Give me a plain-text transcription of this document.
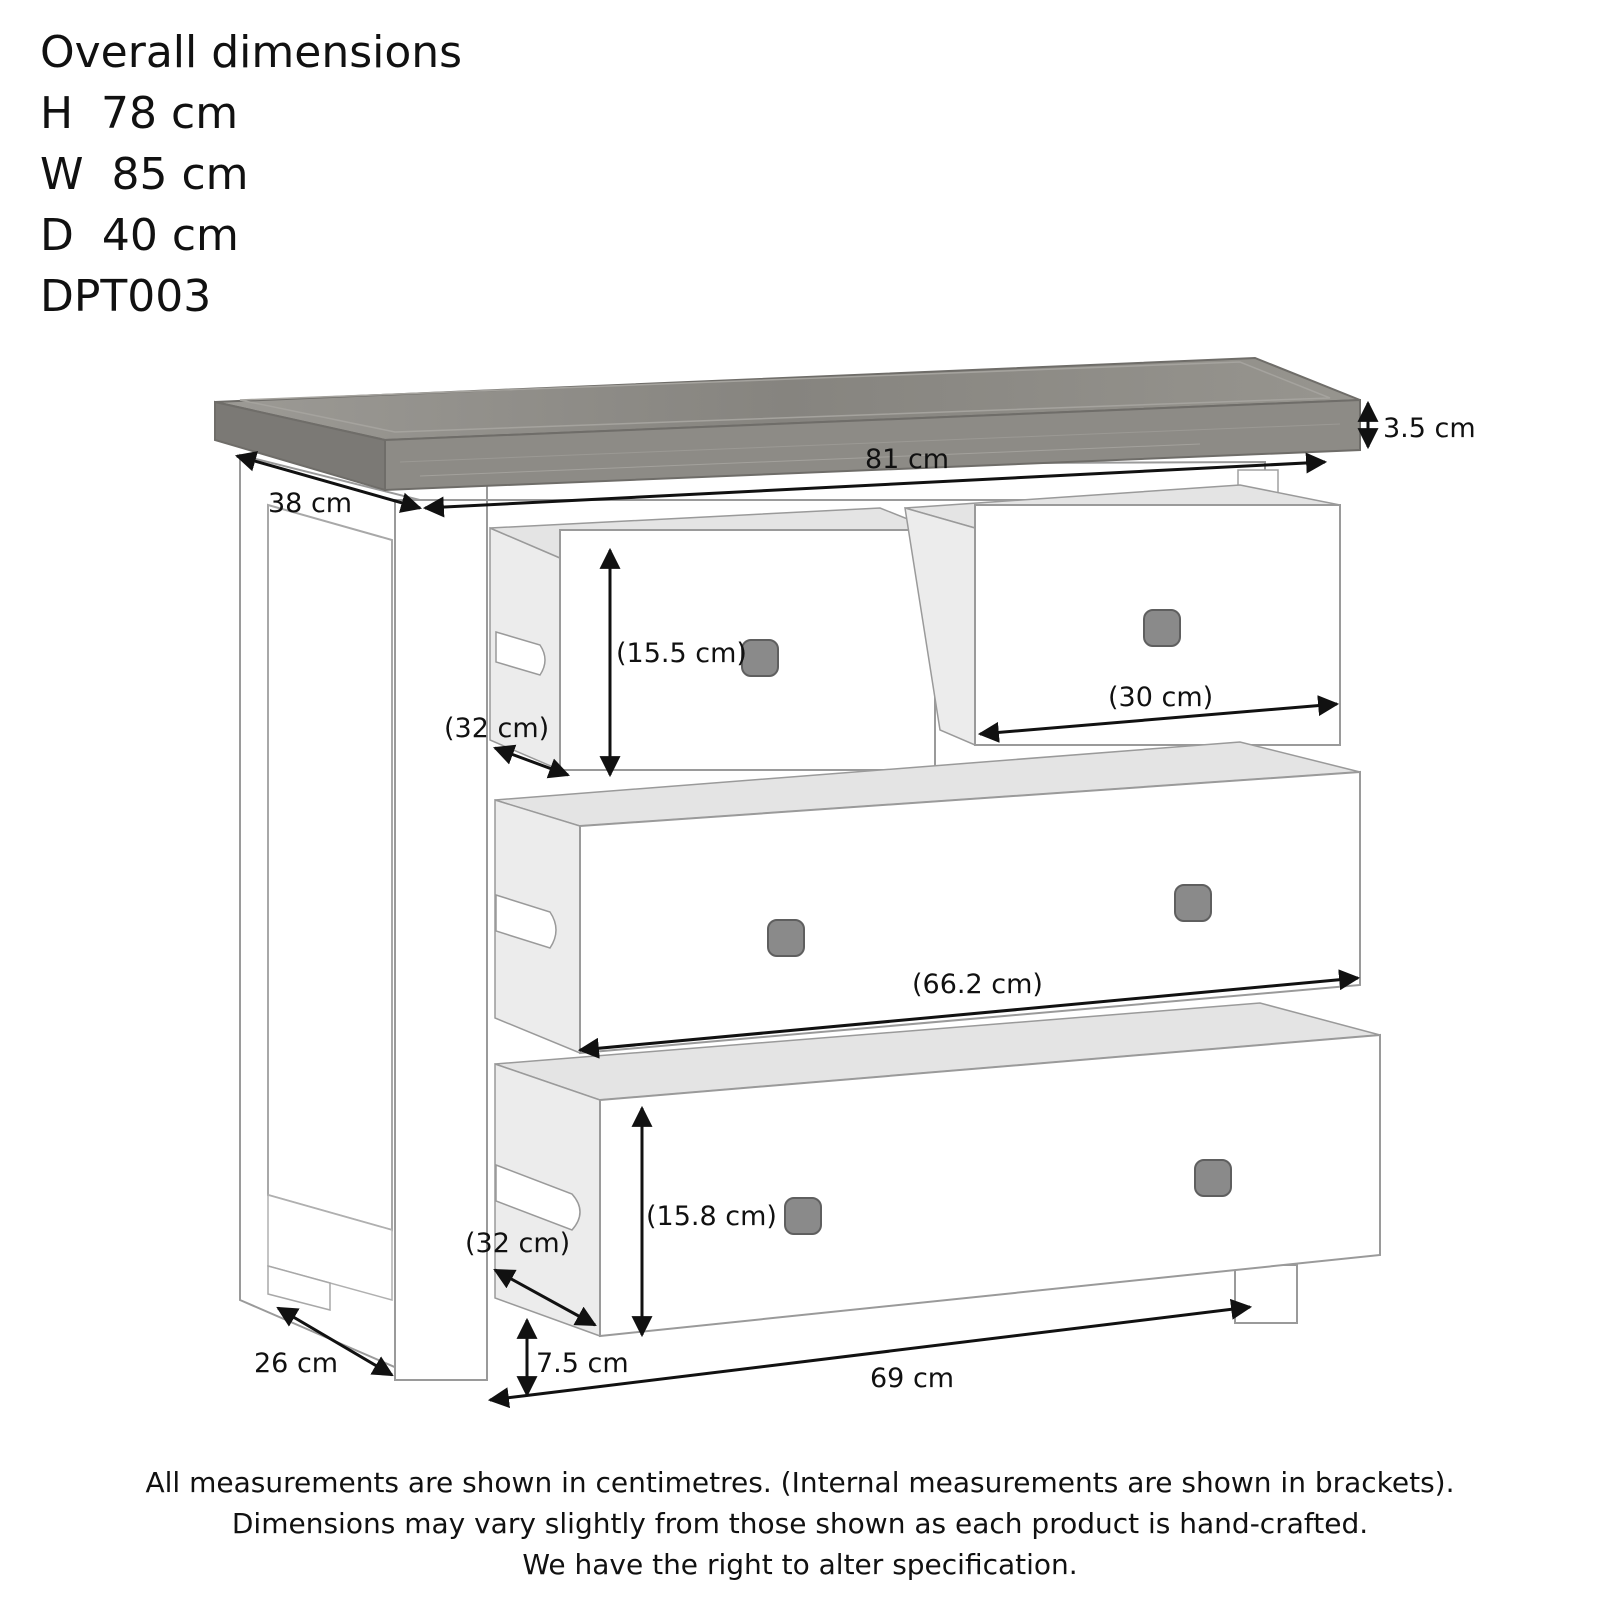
Overall dimensions
H  78 cm
W  85 cm
D  40 cm
DPT003
3.5 cm
81 cm
38 cm
(15.5 cm)
(30 cm)
(32 cm)
(66.2 cm)
(15.8 cm)
(32 cm)
26 cm	7.5 cm	69 cm
All measurements are shown in centimetres. (Internal measurements are shown in brackets).
Dimensions may vary slightly from those shown as each product is hand-crafted.
We have the right to alter specification.
